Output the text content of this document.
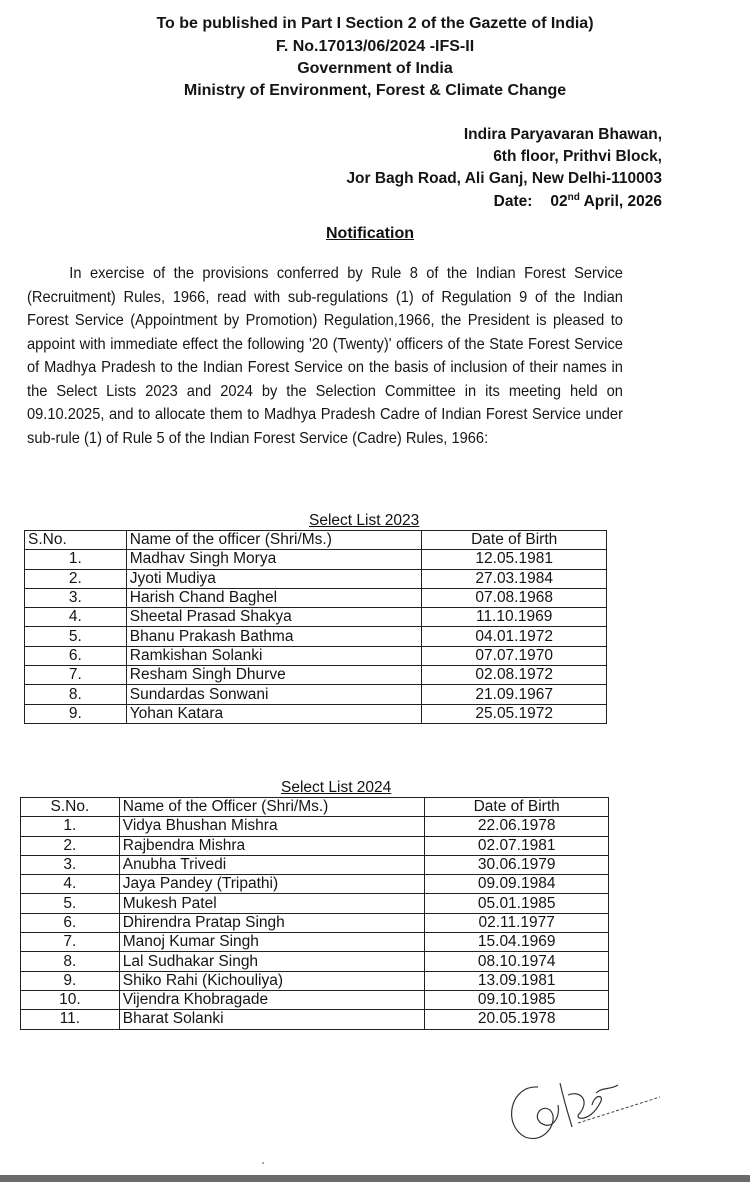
To be published in Part I Section 2 of the Gazette of India)
F. No.17013/06/2024 -IFS-II
Government of India
Ministry of Environment, Forest & Climate Change
Indira Paryavaran Bhawan,
6th floor, Prithvi Block,
Jor Bagh Road, Ali Ganj, New Delhi-110003
Date: 02nd April, 2026
Notification
In exercise of the provisions conferred by Rule 8 of the Indian Forest Service (Recruitment) Rules, 1966, read with sub-regulations (1) of Regulation 9 of the Indian Forest Service (Appointment by Promotion) Regulation,1966, the President is pleased to appoint with immediate effect the following '20 (Twenty)' officers of the State Forest Service of Madhya Pradesh to the Indian Forest Service on the basis of inclusion of their names in the Select Lists 2023 and 2024 by the Selection Committee in its meeting held on 09.10.2025, and to allocate them to Madhya Pradesh Cadre of Indian Forest Service under sub-rule (1) of Rule 5 of the Indian Forest Service (Cadre) Rules, 1966:
Select List 2023
S.No.	Name of the officer (Shri/Ms.)	Date of Birth
1.	Madhav Singh Morya	12.05.1981
2.	Jyoti Mudiya	27.03.1984
3.	Harish Chand Baghel	07.08.1968
4.	Sheetal Prasad Shakya	11.10.1969
5.	Bhanu Prakash Bathma	04.01.1972
6.	Ramkishan Solanki	07.07.1970
7.	Resham Singh Dhurve	02.08.1972
8.	Sundardas Sonwani	21.09.1967
9.	Yohan Katara	25.05.1972
Select List 2024
S.No.	Name of the Officer (Shri/Ms.)	Date of Birth
1.	Vidya Bhushan Mishra	22.06.1978
2.	Rajbendra Mishra	02.07.1981
3.	Anubha Trivedi	30.06.1979
4.	Jaya Pandey (Tripathi)	09.09.1984
5.	Mukesh Patel	05.01.1985
6.	Dhirendra Pratap Singh	02.11.1977
7.	Manoj Kumar Singh	15.04.1969
8.	Lal Sudhakar Singh	08.10.1974
9.	Shiko Rahi (Kichouliya)	13.09.1981
10.	Vijendra Khobragade	09.10.1985
11.	Bharat Solanki	20.05.1978
